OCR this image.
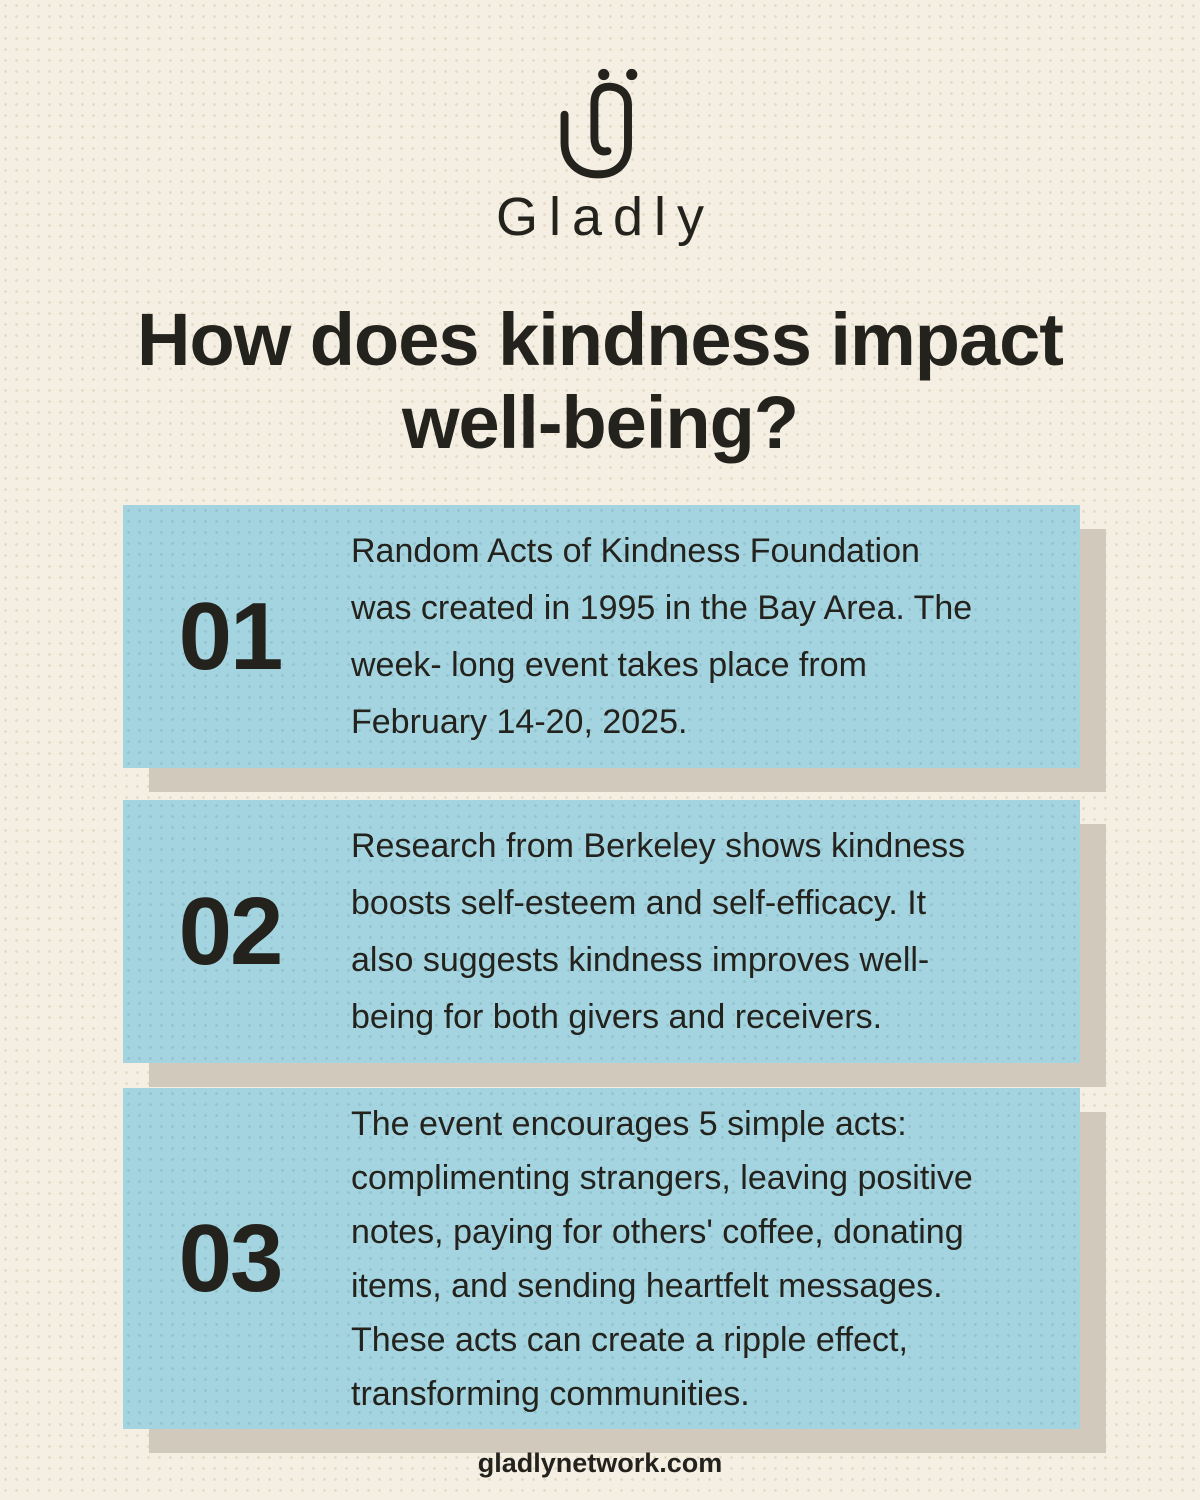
Gladly
How does kindness impact
well-being?
01
Random Acts of Kindness Foundation
was created in 1995 in the Bay Area. The
week- long event takes place from
February 14-20, 2025.
02
Research from Berkeley shows kindness
boosts self-esteem and self-efficacy. It
also suggests kindness improves well-
being for both givers and receivers.
03
The event encourages 5 simple acts:
complimenting strangers, leaving positive
notes, paying for others' coffee, donating
items, and sending heartfelt messages.
These acts can create a ripple effect,
transforming communities.
gladlynetwork.com
